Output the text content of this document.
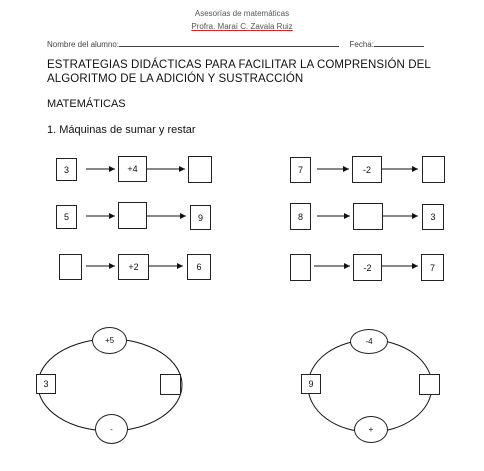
Asesorías de matemáticas
Profra. Maraí C. Zavala Ruiz
Nombre del alumno:	Fecha:
ESTRATEGIAS DIDÁCTICAS PARA FACILITAR LA COMPRENSIÓN DEL ALGORITMO DE LA ADICIÓN Y SUSTRACCIÓN
MATEMÁTICAS
1. Máquinas de sumar y restar
3	+4	7	-2
5	9	8	3
+2	6	-2	7
+5
3
-
-4
9
+
